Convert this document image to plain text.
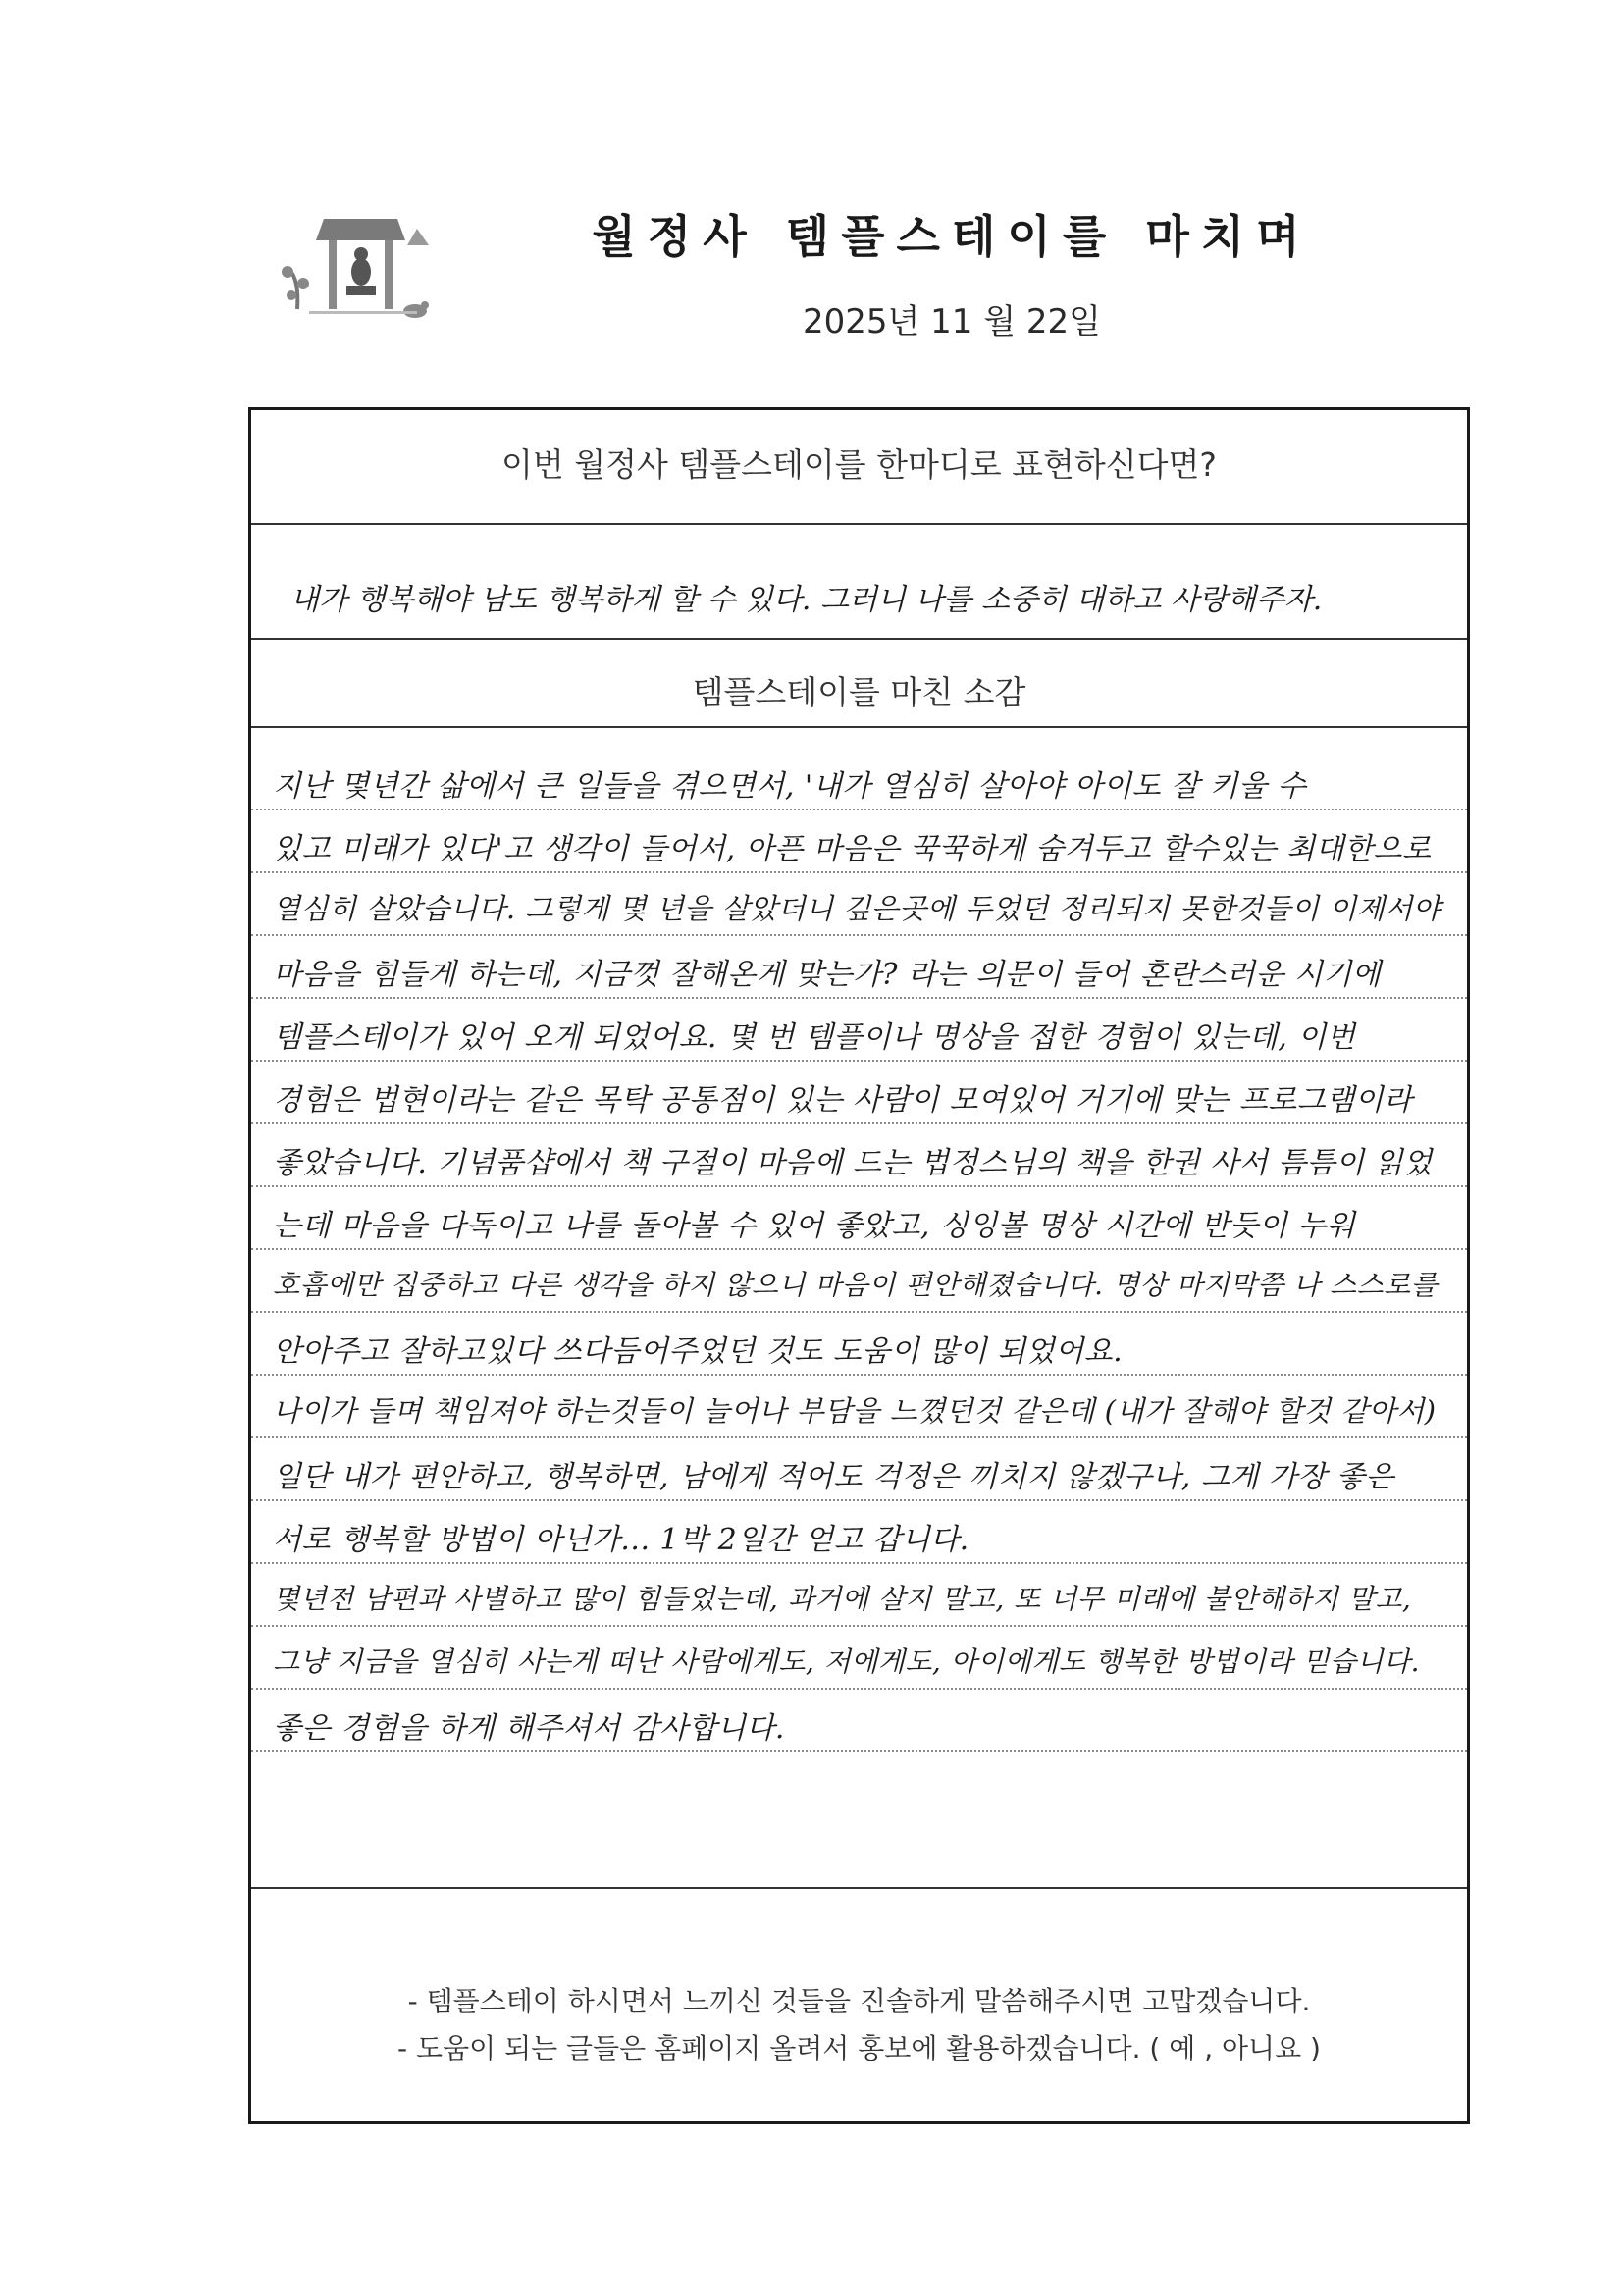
월정사 템플스테이를 마치며
2025년 11 월 22일
이번 월정사 템플스테이를 한마디로 표현하신다면?
내가 행복해야 남도 행복하게 할 수 있다. 그러니 나를 소중히 대하고 사랑해주자.
템플스테이를 마친 소감
지난 몇년간 삶에서 큰 일들을 겪으면서, '내가 열심히 살아야 아이도 잘 키울 수
있고 미래가 있다'고 생각이 들어서, 아픈 마음은 꾹꾹하게 숨겨두고 할수있는 최대한으로
열심히 살았습니다. 그렇게 몇 년을 살았더니 깊은곳에 두었던 정리되지 못한것들이 이제서야
마음을 힘들게 하는데, 지금껏 잘해온게 맞는가? 라는 의문이 들어 혼란스러운 시기에
템플스테이가 있어 오게 되었어요. 몇 번 템플이나 명상을 접한 경험이 있는데, 이번
경험은 법현이라는 같은 목탁 공통점이 있는 사람이 모여있어 거기에 맞는 프로그램이라
좋았습니다. 기념품샵에서 책 구절이 마음에 드는 법정스님의 책을 한권 사서 틈틈이 읽었
는데 마음을 다독이고 나를 돌아볼 수 있어 좋았고, 싱잉볼 명상 시간에 반듯이 누워
호흡에만 집중하고 다른 생각을 하지 않으니 마음이 편안해졌습니다. 명상 마지막쯤 나 스스로를
안아주고 잘하고있다 쓰다듬어주었던 것도 도움이 많이 되었어요.
나이가 들며 책임져야 하는것들이 늘어나 부담을 느꼈던것 같은데 (내가 잘해야 할것 같아서)
일단 내가 편안하고, 행복하면, 남에게 적어도 걱정은 끼치지 않겠구나, 그게 가장 좋은
서로 행복할 방법이 아닌가... 1박 2일간 얻고 갑니다.
몇년전 남편과 사별하고 많이 힘들었는데, 과거에 살지 말고, 또 너무 미래에 불안해하지 말고,
그냥 지금을 열심히 사는게 떠난 사람에게도, 저에게도, 아이에게도 행복한 방법이라 믿습니다.
좋은 경험을 하게 해주셔서 감사합니다.
- 템플스테이 하시면서 느끼신 것들을 진솔하게 말씀해주시면 고맙겠습니다.
- 도움이 되는 글들은 홈페이지 올려서 홍보에 활용하겠습니다. ( 예 , 아니요 )
